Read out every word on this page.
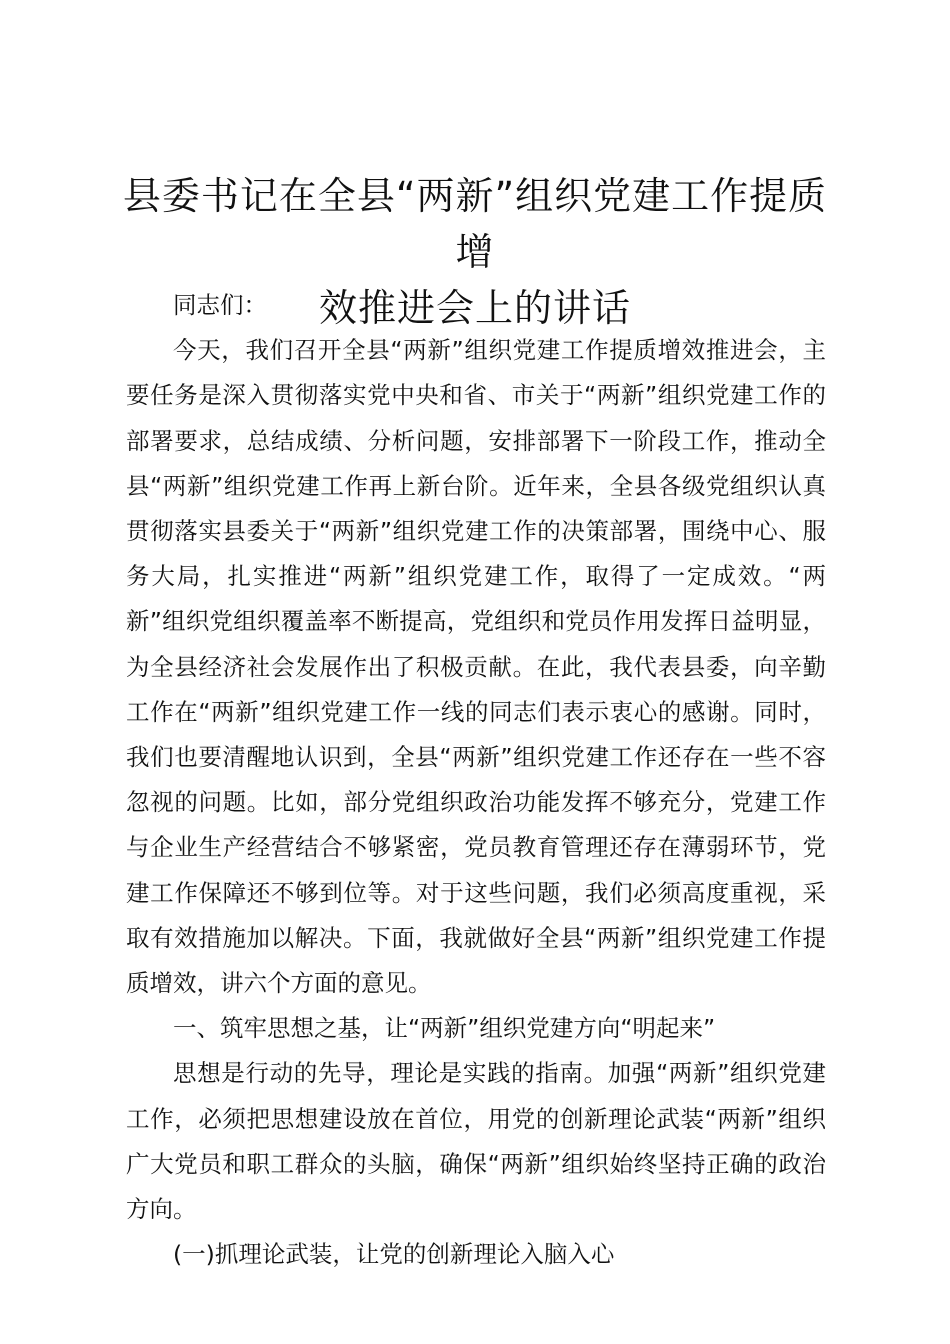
县委书记在全县“两新”组织党建工作提质增
效推进会上的讲话

同志们：

今天，我们召开全县“两新”组织党建工作提质增效推进会，主要任务是深入贯彻落实党中央和省、市关于“两新”组织党建工作的部署要求，总结成绩、分析问题，安排部署下一阶段工作，推动全县“两新”组织党建工作再上新台阶。近年来，全县各级党组织认真贯彻落实县委关于“两新”组织党建工作的决策部署，围绕中心、服务大局，扎实推进“两新”组织党建工作，取得了一定成效。“两新”组织党组织覆盖率不断提高，党组织和党员作用发挥日益明显，为全县经济社会发展作出了积极贡献。在此，我代表县委，向辛勤工作在“两新”组织党建工作一线的同志们表示衷心的感谢。同时，我们也要清醒地认识到，全县“两新”组织党建工作还存在一些不容忽视的问题。比如，部分党组织政治功能发挥不够充分，党建工作与企业生产经营结合不够紧密，党员教育管理还存在薄弱环节，党建工作保障还不够到位等。对于这些问题，我们必须高度重视，采取有效措施加以解决。下面，我就做好全县“两新”组织党建工作提质增效，讲六个方面的意见。

一、筑牢思想之基，让“两新”组织党建方向“明起来”

思想是行动的先导，理论是实践的指南。加强“两新”组织党建工作，必须把思想建设放在首位，用党的创新理论武装“两新”组织广大党员和职工群众的头脑，确保“两新”组织始终坚持正确的政治方向。

(一)抓理论武装，让党的创新理论入脑入心
